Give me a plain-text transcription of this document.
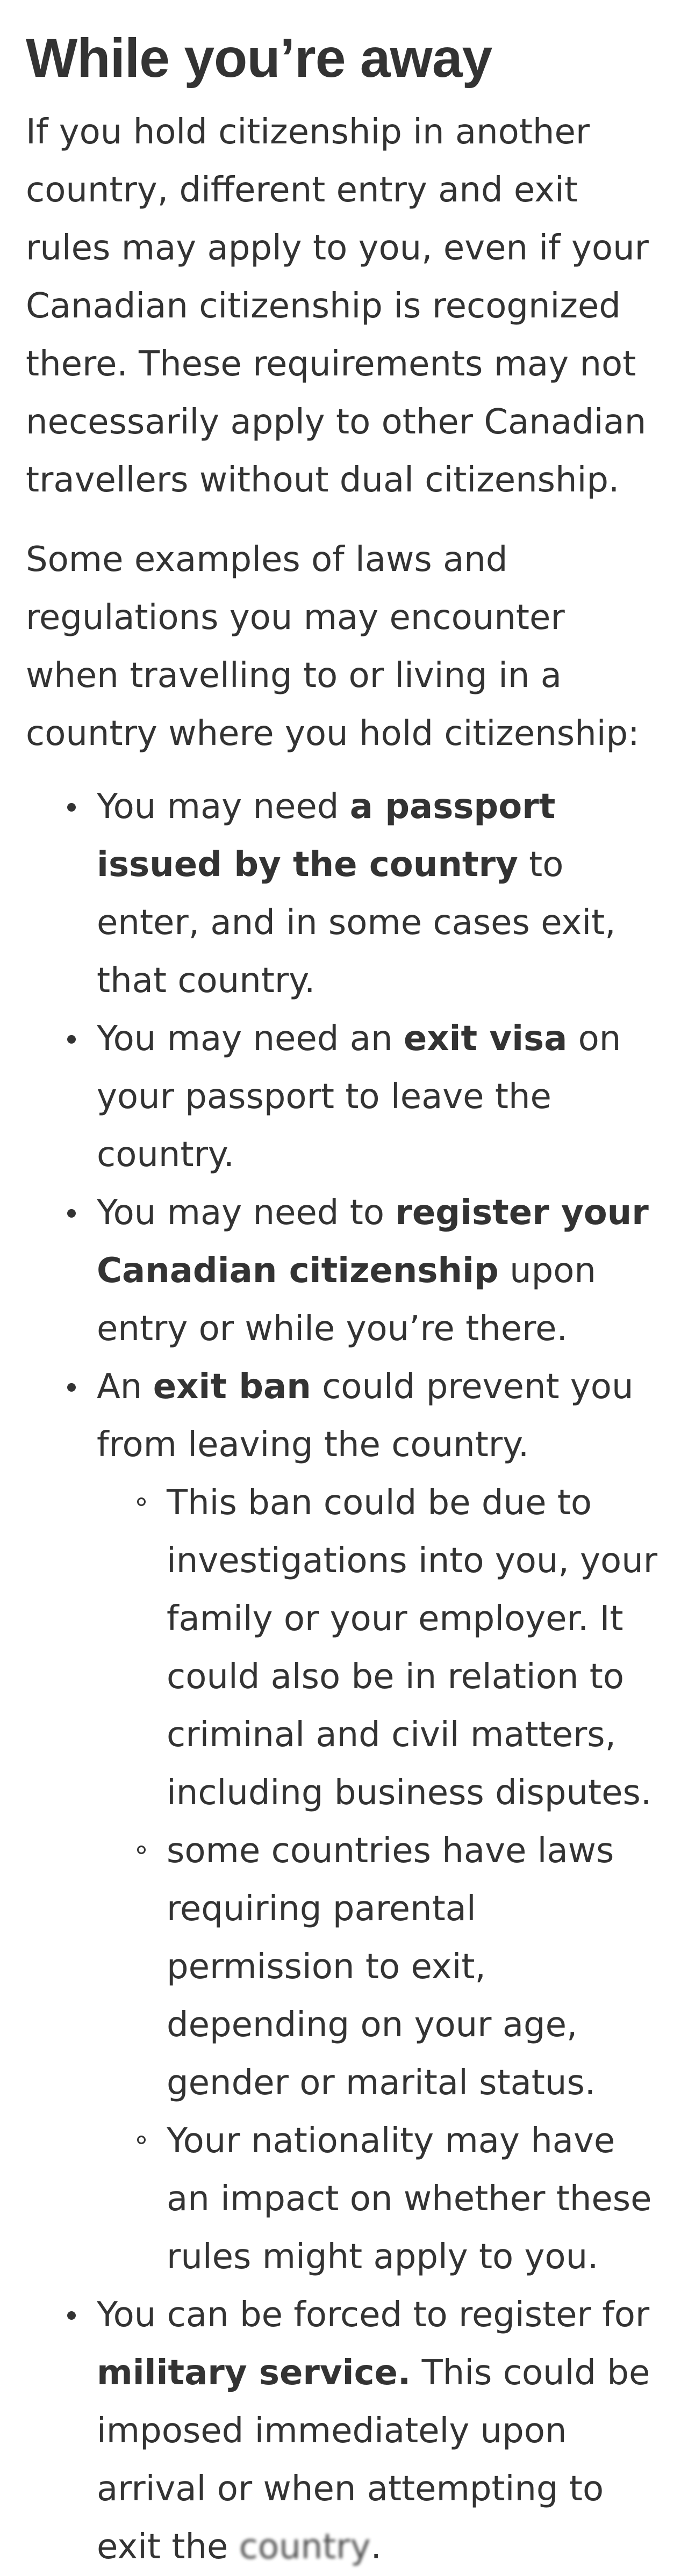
While you’re away

If you hold citizenship in another country, different entry and exit rules may apply to you, even if your Canadian citizenship is recognized there. These requirements may not necessarily apply to other Canadian travellers without dual citizenship.

Some examples of laws and regulations you may encounter when travelling to or living in a country where you hold citizenship:

You may need a passport issued by the country to enter, and in some cases exit, that country.
You may need an exit visa on your passport to leave the country.
You may need to register your Canadian citizenship upon entry or while you’re there.
An exit ban could prevent you from leaving the country.
This ban could be due to investigations into you, your family or your employer. It could also be in relation to criminal and civil matters, including business disputes.
some countries have laws requiring parental permission to exit, depending on your age, gender or marital status.
Your nationality may have an impact on whether these rules might apply to you.
You can be forced to register for military service. This could be imposed immediately upon arrival or when attempting to exit the country.
